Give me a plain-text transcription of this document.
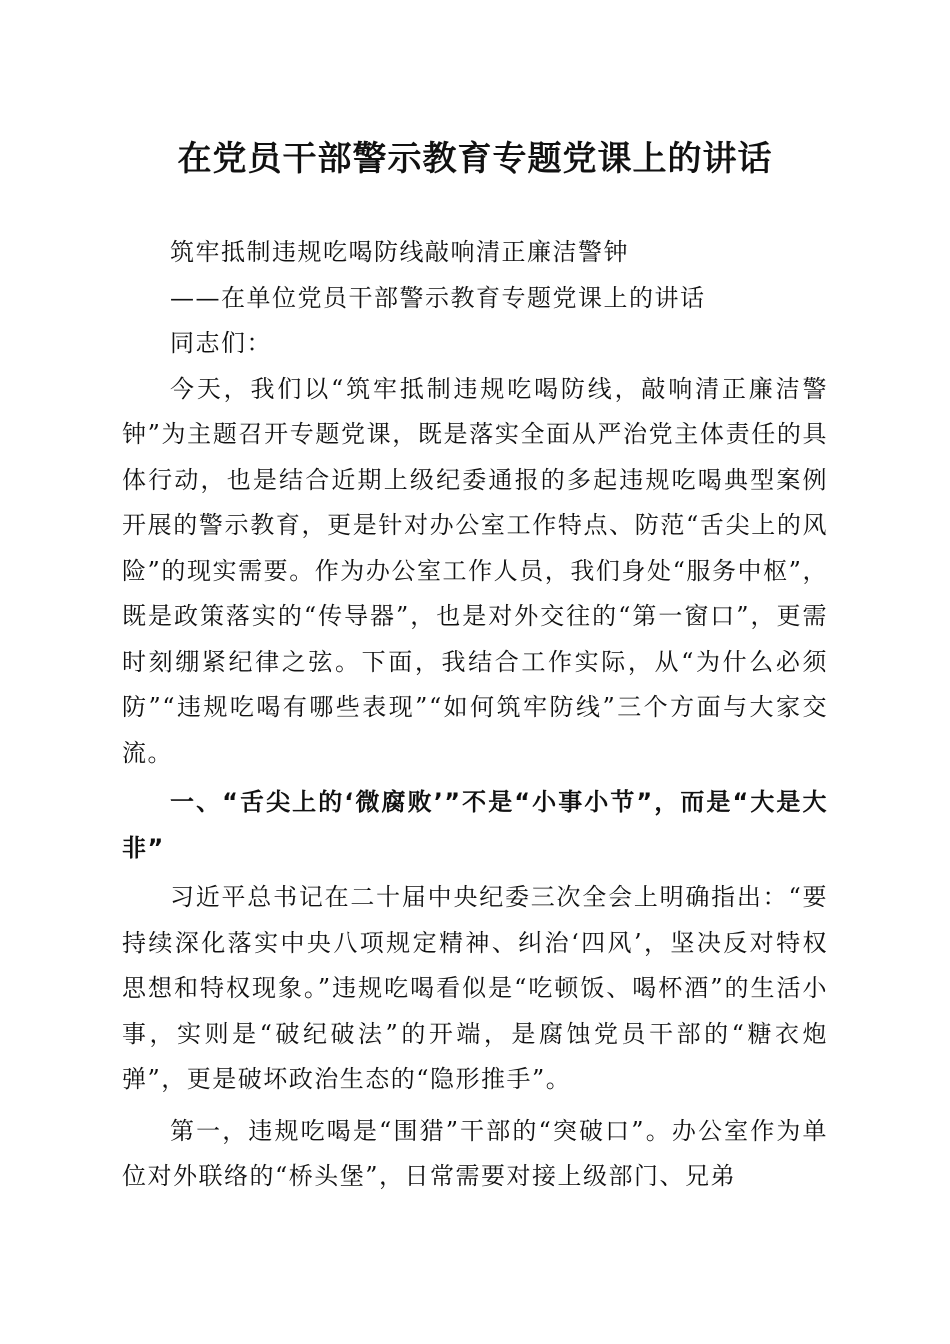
在党员干部警示教育专题党课上的讲话

筑牢抵制违规吃喝防线敲响清正廉洁警钟

——在单位党员干部警示教育专题党课上的讲话

同志们：

今天，我们以“筑牢抵制违规吃喝防线，敲响清正廉洁警钟”为主题召开专题党课，既是落实全面从严治党主体责任的具体行动，也是结合近期上级纪委通报的多起违规吃喝典型案例开展的警示教育，更是针对办公室工作特点、防范“舌尖上的风险”的现实需要。作为办公室工作人员，我们身处“服务中枢”，既是政策落实的“传导器”，也是对外交往的“第一窗口”，更需时刻绷紧纪律之弦。下面，我结合工作实际，从“为什么必须防”“违规吃喝有哪些表现”“如何筑牢防线”三个方面与大家交流。

一、“舌尖上的‘微腐败’”不是“小事小节”，而是“大是大非”

习近平总书记在二十届中央纪委三次全会上明确指出：“要持续深化落实中央八项规定精神、纠治‘四风’，坚决反对特权思想和特权现象。”违规吃喝看似是“吃顿饭、喝杯酒”的生活小事，实则是“破纪破法”的开端，是腐蚀党员干部的“糖衣炮弹”，更是破坏政治生态的“隐形推手”。

第一，违规吃喝是“围猎”干部的“突破口”。办公室作为单位对外联络的“桥头堡”，日常需要对接上级部门、兄弟
